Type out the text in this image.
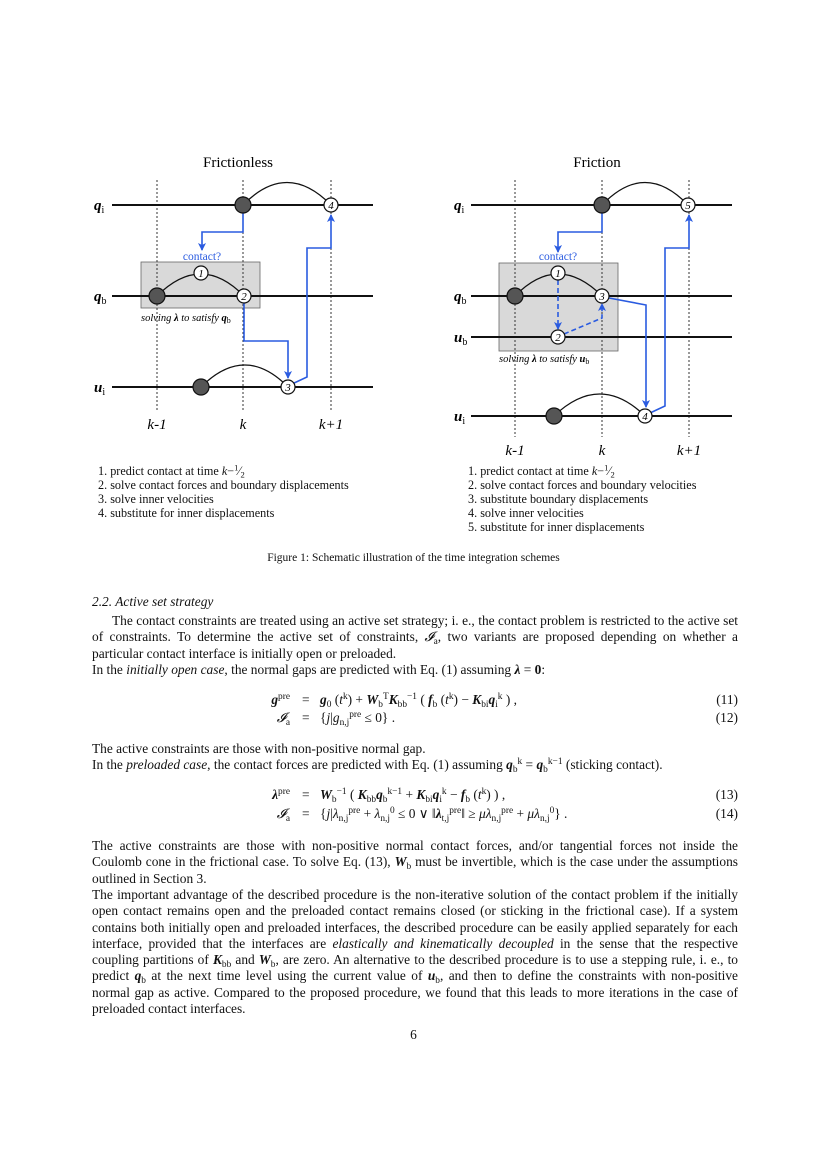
Frictionless
$q_i$
$q_b$
$u_i$
contact?
1
2
3
4
solving λ to satisfy qb
k-1	k	k+1
Friction
$q_i$
$q_b$
$u_b$
$u_i$
contact?
1
2
3
4
5
solving λ to satisfy ub
k-1	k	k+1
1. predict contact at time $k-^1⁄_2$
2. solve contact forces and boundary displacements
3. solve inner velocities
4. substitute for inner displacements
1. predict contact at time $k-^1⁄_2$
2. solve contact forces and boundary velocities
3. substitute boundary displacements
4. solve inner velocities
5. substitute for inner displacements
Figure 1: Schematic illustration of the time integration schemes
2.2. Active set strategy
The contact constraints are treated using an active set strategy; i. e., the contact problem is restricted to the active set of constraints. To determine the active set of constraints, 𝓘$_a$, two variants are proposed depending on whether a particular contact interface is initially open or preloaded.
In the initially open case, the normal gaps are predicted with Eq. (1) assuming λ = 0:
$g^{pre} = g_0$ $(t^k) + W_b^TK_{bb}^{-1}$ ( $f_b$ $(t^k) - K_{bi}q_i^k$ ) ,	(11)
𝓘$_a$ = $\{j|g_{n,j}^{pre} \le 0\}$ .	(12)
The active constraints are those with non-positive normal gap.
In the preloaded case, the contact forces are predicted with Eq. (1) assuming $q_b^k = q_b^{k-1}$ (sticking contact).
$\lambda^{pre} = W_b^{-1}$ ( $K_{bb}q_b^{k-1} + K_{bi}q_i^k - f_b$ $(t^k)$ ) ,	(13)
𝓘$_a$ = {$j|\lambda_{n,j}^{pre} + \lambda_{n,j}^0 \le 0$ ∨ $‖\lambda_{t,j}^{pre}‖ \ge \mu\lambda_{n,j}^{pre} + \mu\lambda_{n,j}^0$} .	(14)
The active constraints are those with non-positive normal contact forces, and/or tangential forces not inside the Coulomb cone in the frictional case. To solve Eq. (13), $W_b$ must be invertible, which is the case under the assumptions outlined in Section 3.
The important advantage of the described procedure is the non-iterative solution of the contact problem if the initially open contact remains open and the preloaded contact remains closed (or sticking in the frictional case). If a system contains both initially open and preloaded interfaces, the described procedure can be easily applied separately for each interface, provided that the interfaces are elastically and kinematically decoupled in the sense that the respective coupling partitions of $K_{bb}$ and $W_b$, are zero. An alternative to the described procedure is to use a stepping rule, i. e., to predict $q_b$ at the next time level using the current value of $u_b$, and then to define the constraints with non-positive normal gap as active. Compared to the proposed procedure, we found that this leads to more iterations in the case of preloaded contact interfaces.
6
